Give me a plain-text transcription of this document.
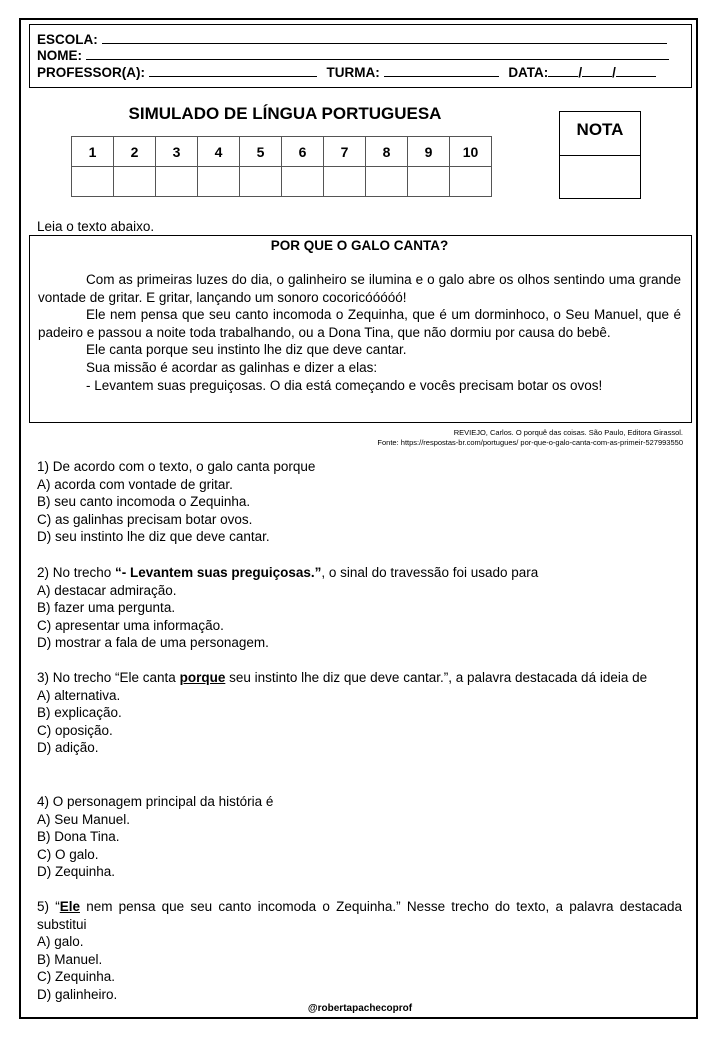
ESCOLA:
NOME:
PROFESSOR(A):	TURMA:	DATA: / /
SIMULADO DE LÍNGUA PORTUGUESA
1	2	3	4	5	6	7	8	9	10

NOTA
Leia o texto abaixo.
POR QUE O GALO CANTA?

Com as primeiras luzes do dia, o galinheiro se ilumina e o galo abre os olhos sentindo uma grande vontade de gritar. E gritar, lançando um sonoro cocoricóóóóó!

Ele nem pensa que seu canto incomoda o Zequinha, que é um dorminhoco, o Seu Manuel, que é padeiro e passou a noite toda trabalhando, ou a Dona Tina, que não dormiu por causa do bebê.

Ele canta porque seu instinto lhe diz que deve cantar.

Sua missão é acordar as galinhas e dizer a elas:

- Levantem suas preguiçosas. O dia está começando e vocês precisam botar os ovos!

REVIEJO, Carlos. O porquê das coisas. São Paulo, Editora Girassol.
Fonte: https://respostas-br.com/portugues/ por-que-o-galo-canta-com-as-primeir-527993550
1) De acordo com o texto, o galo canta porque
A) acorda com vontade de gritar.
B) seu canto incomoda o Zequinha.
C) as galinhas precisam botar ovos.
D) seu instinto lhe diz que deve cantar.
2) No trecho “- Levantem suas preguiçosas.”, o sinal do travessão foi usado para
A) destacar admiração.
B) fazer uma pergunta.
C) apresentar uma informação.
D) mostrar a fala de uma personagem.
3) No trecho “Ele canta porque seu instinto lhe diz que deve cantar.”, a palavra destacada dá ideia de
A) alternativa.
B) explicação.
C) oposição.
D) adição.
4) O personagem principal da história é
A) Seu Manuel.
B) Dona Tina.
C) O galo.
D) Zequinha.
5) “Ele nem pensa que seu canto incomoda o Zequinha.” Nesse trecho do texto, a palavra destacada substitui
A) galo.
B) Manuel.
C) Zequinha.
D) galinheiro.
@robertapachecoprof
